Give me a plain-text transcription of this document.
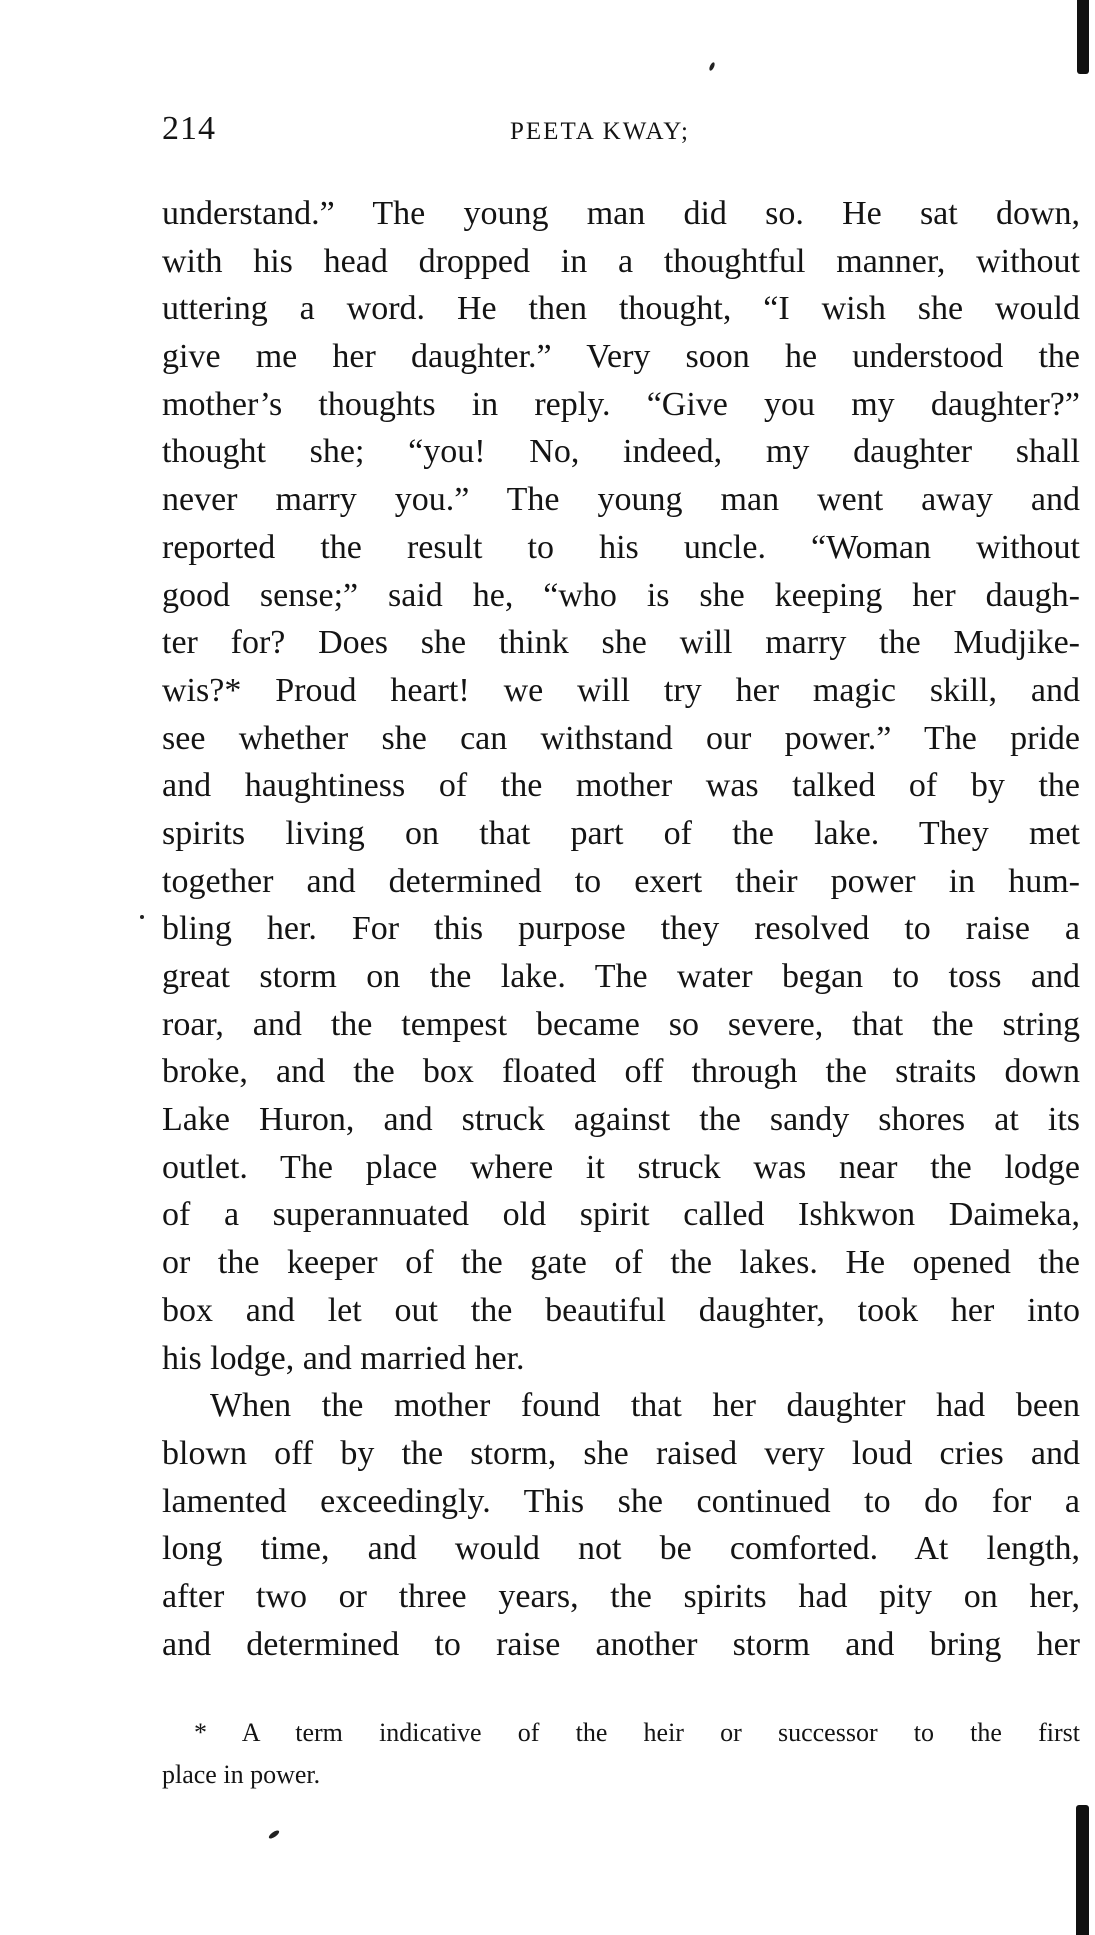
214	PEETA KWAY;
understand.” The young man did so. He sat down,
with his head dropped in a thoughtful manner, without
uttering a word. He then thought, “I wish she would
give me her daughter.” Very soon he understood the
mother’s thoughts in reply. “Give you my daughter?”
thought she; “you! No, indeed, my daughter shall
never marry you.” The young man went away and
reported the result to his uncle. “Woman without
good sense;” said he, “who is she keeping her daugh-
ter for? Does she think she will marry the Mudjike-
wis?* Proud heart! we will try her magic skill, and
see whether she can withstand our power.” The pride
and haughtiness of the mother was talked of by the
spirits living on that part of the lake. They met
together and determined to exert their power in hum-
bling her. For this purpose they resolved to raise a
great storm on the lake. The water began to toss and
roar, and the tempest became so severe, that the string
broke, and the box floated off through the straits down
Lake Huron, and struck against the sandy shores at its
outlet. The place where it struck was near the lodge
of a superannuated old spirit called Ishkwon Daimeka,
or the keeper of the gate of the lakes. He opened the
box and let out the beautiful daughter, took her into
his lodge, and married her.
When the mother found that her daughter had been
blown off by the storm, she raised very loud cries and
lamented exceedingly. This she continued to do for a
long time, and would not be comforted. At length,
after two or three years, the spirits had pity on her,
and determined to raise another storm and bring her
* A term indicative of the heir or successor to the first
place in power.
